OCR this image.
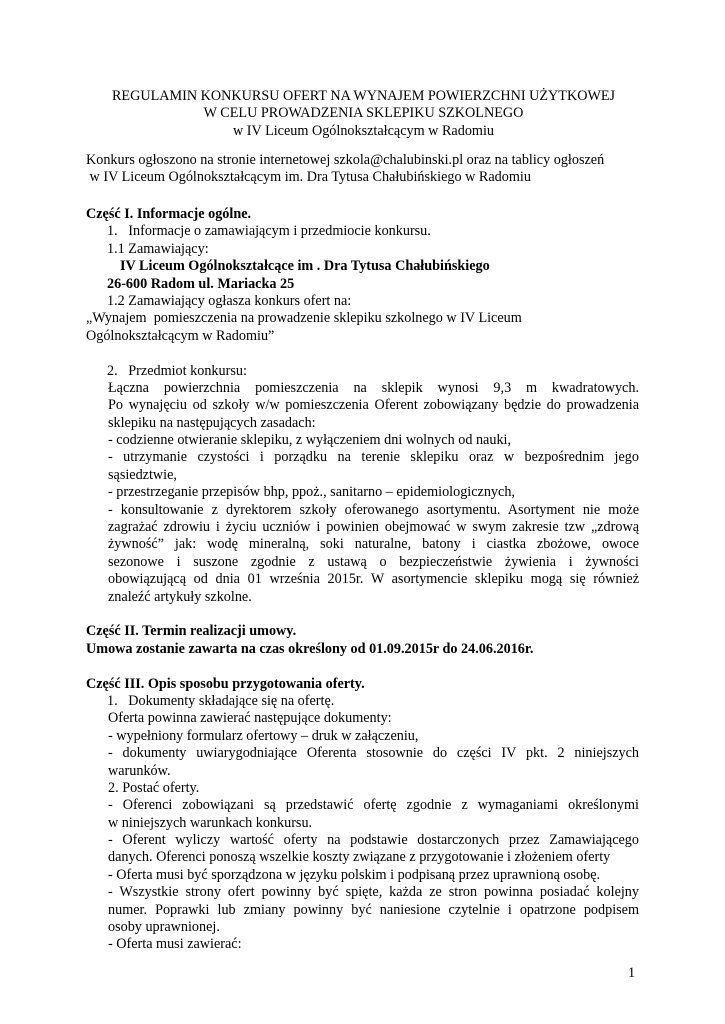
REGULAMIN KONKURSU OFERT NA WYNAJEM POWIERZCHNI UŻYTKOWEJ
W CELU PROWADZENIA SKLEPIKU SZKOLNEGO
w IV Liceum Ogólnokształcącym w Radomiu
Konkurs ogłoszono na stronie internetowej szkola@chalubinski.pl oraz na tablicy ogłoszeń
w IV Liceum Ogólnokształcącym im. Dra Tytusa Chałubińskiego w Radomiu
Część I. Informacje ogólne.
1.   Informacje o zamawiającym i przedmiocie konkursu.
1.1 Zamawiający:
IV Liceum Ogólnokształcące im . Dra Tytusa Chałubińskiego
26-600 Radom ul. Mariacka 25
1.2 Zamawiający ogłasza konkurs ofert na:
„Wynajem  pomieszczenia na prowadzenie sklepiku szkolnego w IV Liceum
Ogólnokształcącym w Radomiu”
2.   Przedmiot konkursu:
Łączna powierzchnia pomieszczenia na sklepik wynosi 9,3 m kwadratowych.
Po wynajęciu od szkoły w/w pomieszczenia Oferent zobowiązany będzie do prowadzenia
sklepiku na następujących zasadach:
- codzienne otwieranie sklepiku, z wyłączeniem dni wolnych od nauki,
- utrzymanie czystości i porządku na terenie sklepiku oraz w bezpośrednim jego
sąsiedztwie,
- przestrzeganie przepisów bhp, ppoż., sanitarno – epidemiologicznych,
- konsultowanie z dyrektorem szkoły oferowanego asortymentu. Asortyment nie może
zagrażać zdrowiu i życiu uczniów i powinien obejmować w swym zakresie tzw „zdrową
żywność” jak: wodę mineralną, soki naturalne, batony i ciastka zbożowe, owoce
sezonowe i suszone zgodnie z ustawą o bezpieczeństwie żywienia i żywności
obowiązującą od dnia 01 września 2015r. W asortymencie sklepiku mogą się również
znaleźć artykuły szkolne.
Część II. Termin realizacji umowy.
Umowa zostanie zawarta na czas określony od 01.09.2015r do 24.06.2016r.
Część III. Opis sposobu przygotowania oferty.
1.   Dokumenty składające się na ofertę.
Oferta powinna zawierać następujące dokumenty:
- wypełniony formularz ofertowy – druk w załączeniu,
- dokumenty uwiarygodniające Oferenta stosownie do części IV pkt. 2 niniejszych
warunków.
2. Postać oferty.
- Oferenci zobowiązani są przedstawić ofertę zgodnie z wymaganiami określonymi
w niniejszych warunkach konkursu.
- Oferent wyliczy wartość oferty na podstawie dostarczonych przez Zamawiającego
danych. Oferenci ponoszą wszelkie koszty związane z przygotowanie i złożeniem oferty
- Oferta musi być sporządzona w języku polskim i podpisaną przez uprawnioną osobę.
- Wszystkie strony ofert powinny być spięte, każda ze stron powinna posiadać kolejny
numer. Poprawki lub zmiany powinny być naniesione czytelnie i opatrzone podpisem
osoby uprawnionej.
- Oferta musi zawierać:
1
